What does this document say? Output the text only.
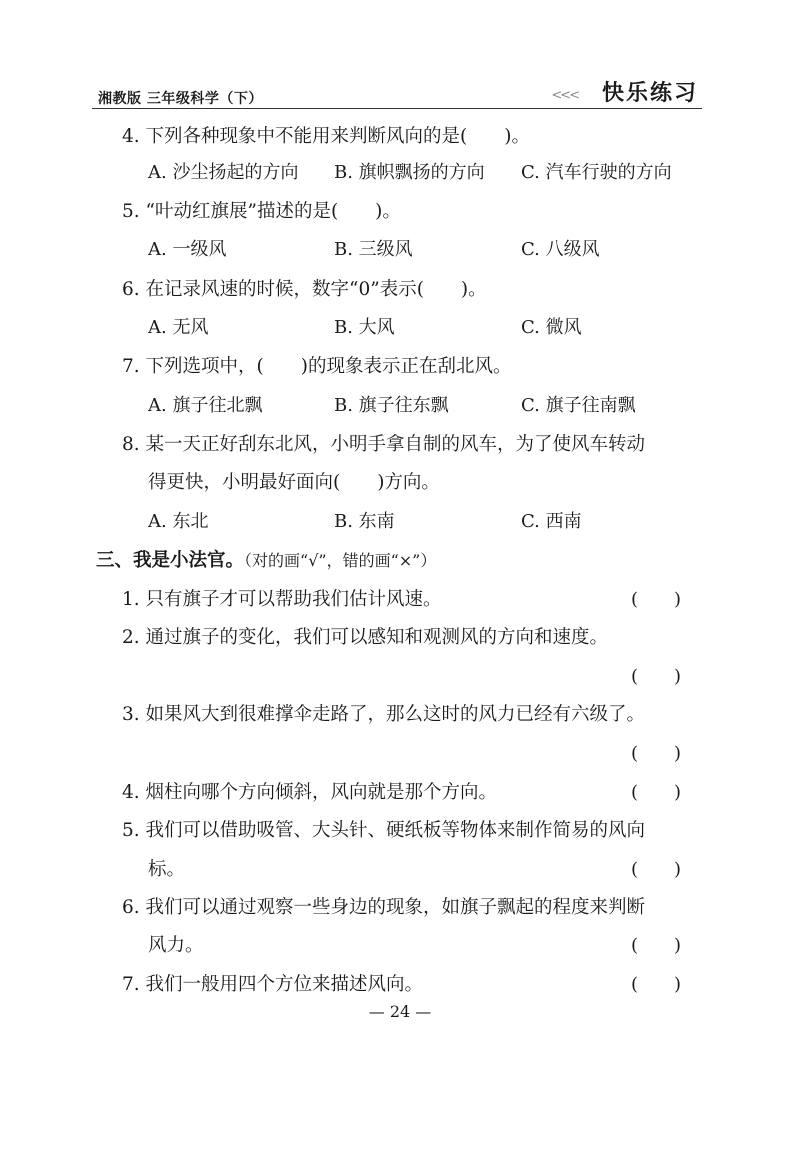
湘教版 三年级科学（下）	<<< 快乐练习
4. 下列各种现象中不能用来判断风向的是(　　)。
A. 沙尘扬起的方向 B. 旗帜飘扬的方向 C. 汽车行驶的方向
5. “叶动红旗展”描述的是(　　)。
A. 一级风	B. 三级风	C. 八级风
6. 在记录风速的时候，数字“0”表示(　　)。
A. 无风	B. 大风	C. 微风
7. 下列选项中，(　　)的现象表示正在刮北风。
A. 旗子往北飘	B. 旗子往东飘	C. 旗子往南飘
8. 某一天正好刮东北风，小明手拿自制的风车，为了使风车转动
得更快，小明最好面向(　　)方向。
A. 东北	B. 东南	C. 西南
三、我是小法官。（对的画“√”，错的画“×”）
1. 只有旗子才可以帮助我们估计风速。	(　　)
2. 通过旗子的变化，我们可以感知和观测风的方向和速度。
(　　)
3. 如果风大到很难撑伞走路了，那么这时的风力已经有六级了。
(　　)
4. 烟柱向哪个方向倾斜，风向就是那个方向。	(　　)
5. 我们可以借助吸管、大头针、硬纸板等物体来制作简易的风向
标。	(　　)
6. 我们可以通过观察一些身边的现象，如旗子飘起的程度来判断
风力。	(　　)
7. 我们一般用四个方位来描述风向。	(　　)
— 24 —
